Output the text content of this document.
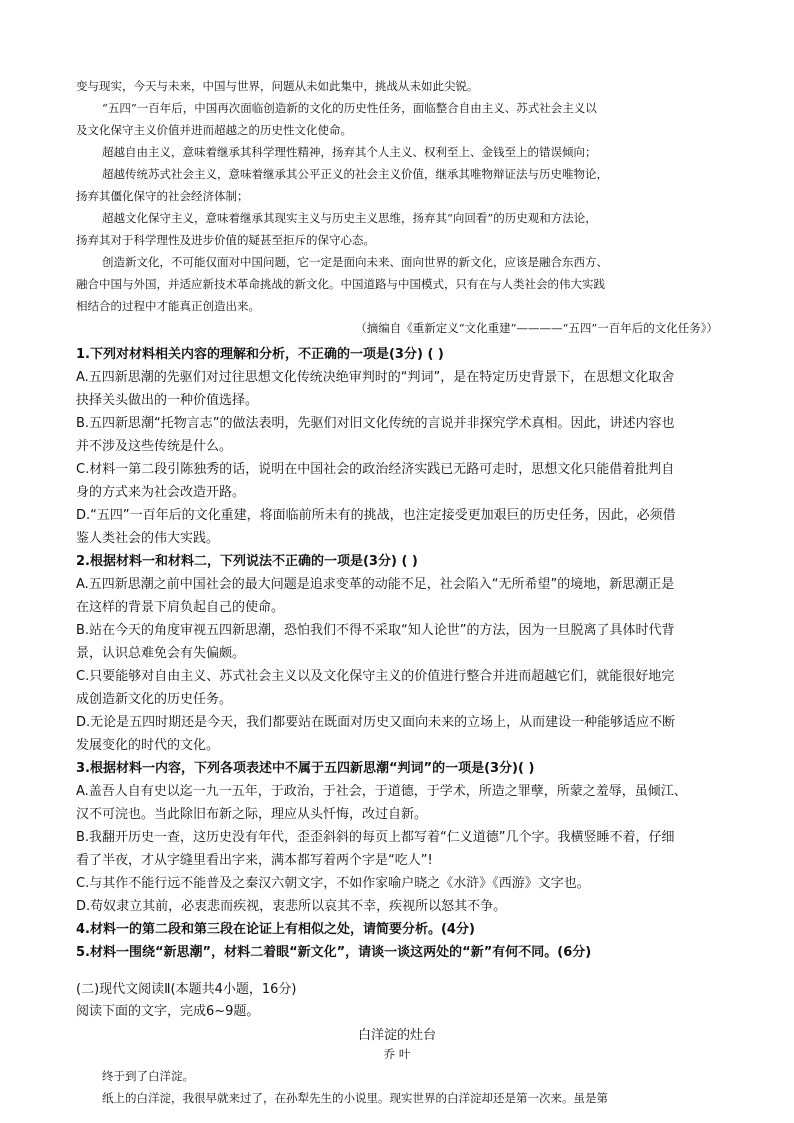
变与现实，今天与未来，中国与世界，问题从未如此集中，挑战从未如此尖锐。
“五四”一百年后，中国再次面临创造新的文化的历史性任务，面临整合自由主义、苏式社会主义以
及文化保守主义价值并进而超越之的历史性文化使命。
超越自由主义，意味着继承其科学理性精神，扬弃其个人主义、权利至上、金钱至上的错误倾向；
超越传统苏式社会主义，意味着继承其公平正义的社会主义价值，继承其唯物辩证法与历史唯物论，
扬弃其僵化保守的社会经济体制；
超越文化保守主义，意味着继承其现实主义与历史主义思维，扬弃其“向回看”的历史观和方法论，
扬弃其对于科学理性及进步价值的疑甚至拒斥的保守心态。
创造新文化，不可能仅面对中国问题，它一定是面向未来、面向世界的新文化，应该是融合东西方、
融合中国与外国，并适应新技术革命挑战的新文化。中国道路与中国模式，只有在与人类社会的伟大实践
相结合的过程中才能真正创造出来。
（摘编自《重新定义“文化重建”————“五四”一百年后的文化任务》）
1.下列对材料相关内容的理解和分析，不正确的一项是(3分) ( )
A.五四新思潮的先驱们对过往思想文化传统决绝审判时的“判词”，是在特定历史背景下，在思想文化取舍
抉择关头做出的一种价值选择。
B.五四新思潮“托物言志”的做法表明，先驱们对旧文化传统的言说并非探究学术真相。因此，讲述内容也
并不涉及这些传统是什么。
C.材料一第二段引陈独秀的话，说明在中国社会的政治经济实践已无路可走时，思想文化只能借着批判自
身的方式来为社会改造开路。
D.“五四”一百年后的文化重建，将面临前所未有的挑战，也注定接受更加艰巨的历史任务，因此，必须借
鉴人类社会的伟大实践。
2.根据材料一和材料二，下列说法不正确的一项是(3分) ( )
A.五四新思潮之前中国社会的最大问题是追求变革的动能不足，社会陷入“无所希望”的境地，新思潮正是
在这样的背景下肩负起自己的使命。
B.站在今天的角度审视五四新思潮，恐怕我们不得不采取“知人论世”的方法，因为一旦脱离了具体时代背
景，认识总难免会有失偏颇。
C.只要能够对自由主义、苏式社会主义以及文化保守主义的价值进行整合并进而超越它们，就能很好地完
成创造新文化的历史任务。
D.无论是五四时期还是今天，我们都要站在既面对历史又面向未来的立场上，从而建设一种能够适应不断
发展变化的时代的文化。
3.根据材料一内容，下列各项表述中不属于五四新思潮“判词”的一项是(3分)( )
A.盖吾人自有史以迄一九一五年，于政治，于社会，于道德，于学术，所造之罪孽，所蒙之羞辱，虽倾江、
汉不可浣也。当此除旧布新之际，理应从头忏悔，改过自新。
B.我翻开历史一查，这历史没有年代，歪歪斜斜的每页上都写着“仁义道德”几个字。我横竖睡不着，仔细
看了半夜，才从字缝里看出字来，满本都写着两个字是“吃人”!
C.与其作不能行远不能普及之秦汉六朝文字，不如作家喻户晓之《水浒》《西游》文字也。
D.苟奴隶立其前，必衷悲而疾视，衷悲所以哀其不幸，疾视所以怒其不争。
4.材料一的第二段和第三段在论证上有相似之处，请简要分析。(4分)
5.材料一围绕“新思潮”，材料二着眼“新文化”，请谈一谈这两处的“新”有何不同。(6分)
(二)现代文阅读Ⅱ(本题共4小题，16分)
阅读下面的文字，完成6~9题。
白洋淀的灶台
乔 叶
终于到了白洋淀。
纸上的白洋淀，我很早就来过了，在孙犁先生的小说里。现实世界的白洋淀却还是第一次来。虽是第
